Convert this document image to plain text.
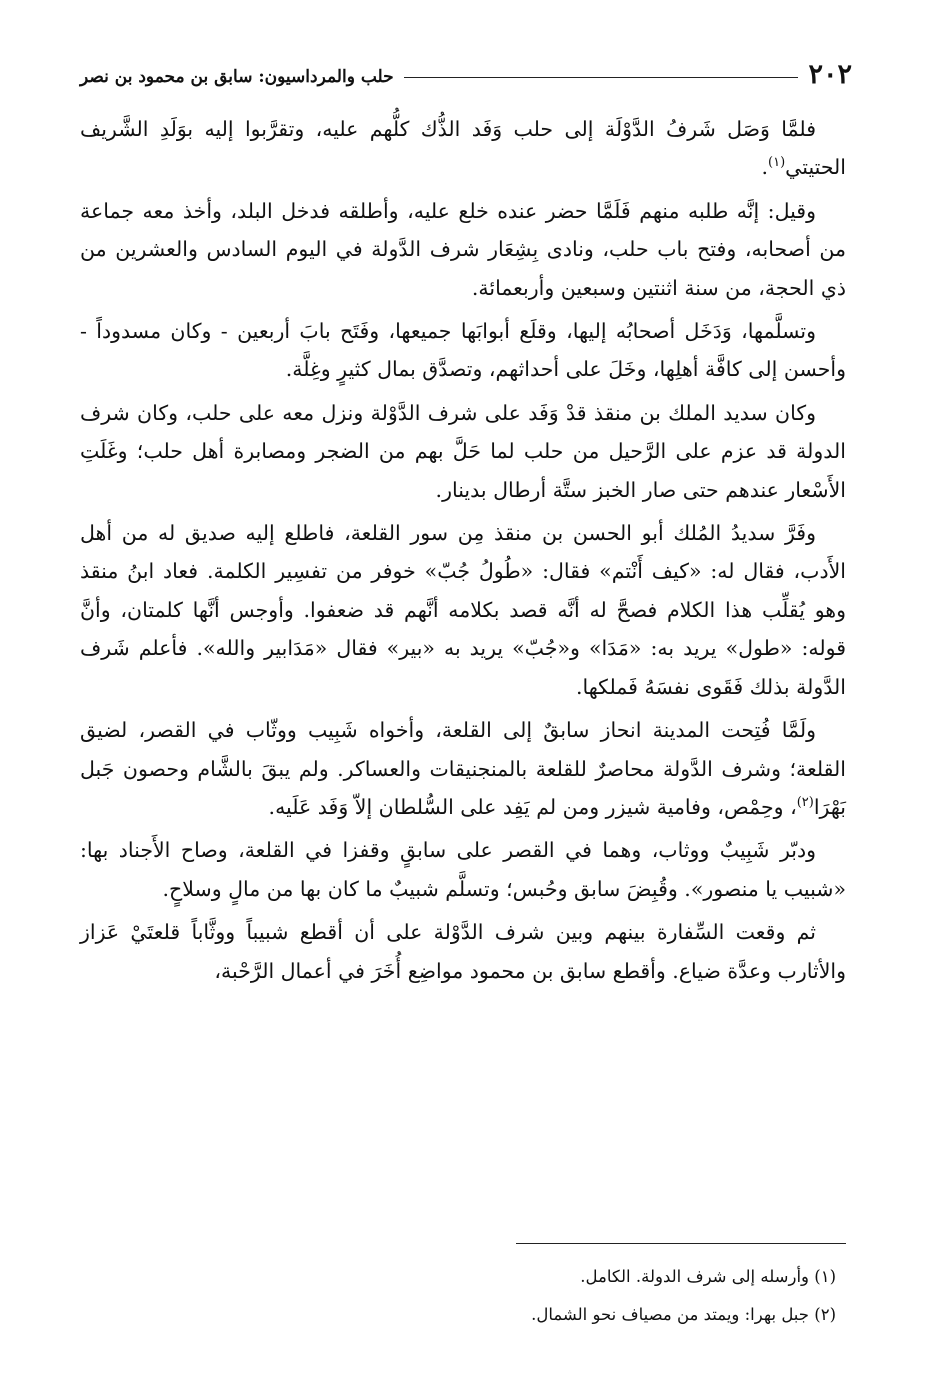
٢٠٢
حلب والمرداسيون: سابق بن محمود بن نصر

فلمَّا وَصَل شَرفُ الدَّوْلَة إلى حلب وَفَد الذُّك كلُّهم عليه، وتقرَّبوا إليه بوَلَدِ الشَّريف الحتيتي$^{(١)}$.

وقيل: إنَّه طلبه منهم فَلَمَّا حضر عنده خلع عليه، وأطلقه فدخل البلد، وأخذ معه جماعة من أصحابه، وفتح باب حلب، ونادى بِشِعَار شرف الدَّولة في اليوم السادس والعشرين من ذي الحجة، من سنة اثنتين وسبعين وأربعمائة.

وتسلَّمها، وَدَخَل أصحابُه إليها، وقلَع أبوابَها جميعها، وفَتَح بابَ أربعين - وكان مسدوداً - وأحسن إلى كافَّة أهلِها، وخَلَ على أحداثهم، وتصدَّق بمال كثيرٍ وغِلَّة.

وكان سديد الملك بن منقذ قدْ وَفَد على شرف الدَّوْلة ونزل معه على حلب، وكان شرف الدولة قد عزم على الرَّحيل من حلب لما حَلَّ بهم من الضجر ومصابرة أهل حلب؛ وغَلَتِ الأَسْعار عندهم حتى صار الخبز ستَّة أرطال بدينار.

وفَرَّ سديدُ المُلك أبو الحسن بن منقذ مِن سور القلعة، فاطلع إليه صديق له من أهل الأَدب، فقال له: «كيف أَنْتم» فقال: «طُولُ جُبّ» خوفر من تفسِير الكلمة. فعاد ابنُ منقذ وهو يُقلِّب هذا الكلام فصحَّ له أنَّه قصد بكلامه أنَّهم قد ضعفوا. وأوجس أنَّها كلمتان، وأنَّ قوله: «طول» يريد به: «مَدَا» و«جُبّ» يريد به «بير» فقال «مَدَابير والله». فأعلم شَرف الدَّولة بذلك فَقَوى نفسَهُ فَملكها.

ولَمَّا فُتِحت المدينة انحاز سابقٌ إلى القلعة، وأخواه شَبِيب ووثّاب في القصر، لضيق القلعة؛ وشرف الدَّولة محاصرٌ للقلعة بالمنجنيقات والعساكر. ولم يبقَ بالشَّام وحصون جَبل بَهْرَا$^{(٢)}$، وحِمْص، وفامية شيزر ومن لم يَفِد على السُّلطان إلاّ وَفَد عَلَيه.

ودبّر شَبِيبٌ ووثاب، وهما في القصر على سابقٍ وقفزا في القلعة، وصاح الأَجناد بها: «شبيب يا منصور». وقُبِضَ سابق وحُبس؛ وتسلَّم شبيبٌ ما كان بها من مالٍ وسلاحٍ.

ثم وقعت السِّفارة بينهم وبين شرف الدَّوْلة على أن أقطع شبيباً ووثَّاباً قلعتَيْ عَزاز والأثارب وعدَّة ضياع. وأقطع سابق بن محمود مواضِع أُخَرَ في أعمال الرَّحْبة،

(١) وأرسله إلى شرف الدولة. الكامل.

(٢) جبل بهرا: ويمتد من مصياف نحو الشمال.
